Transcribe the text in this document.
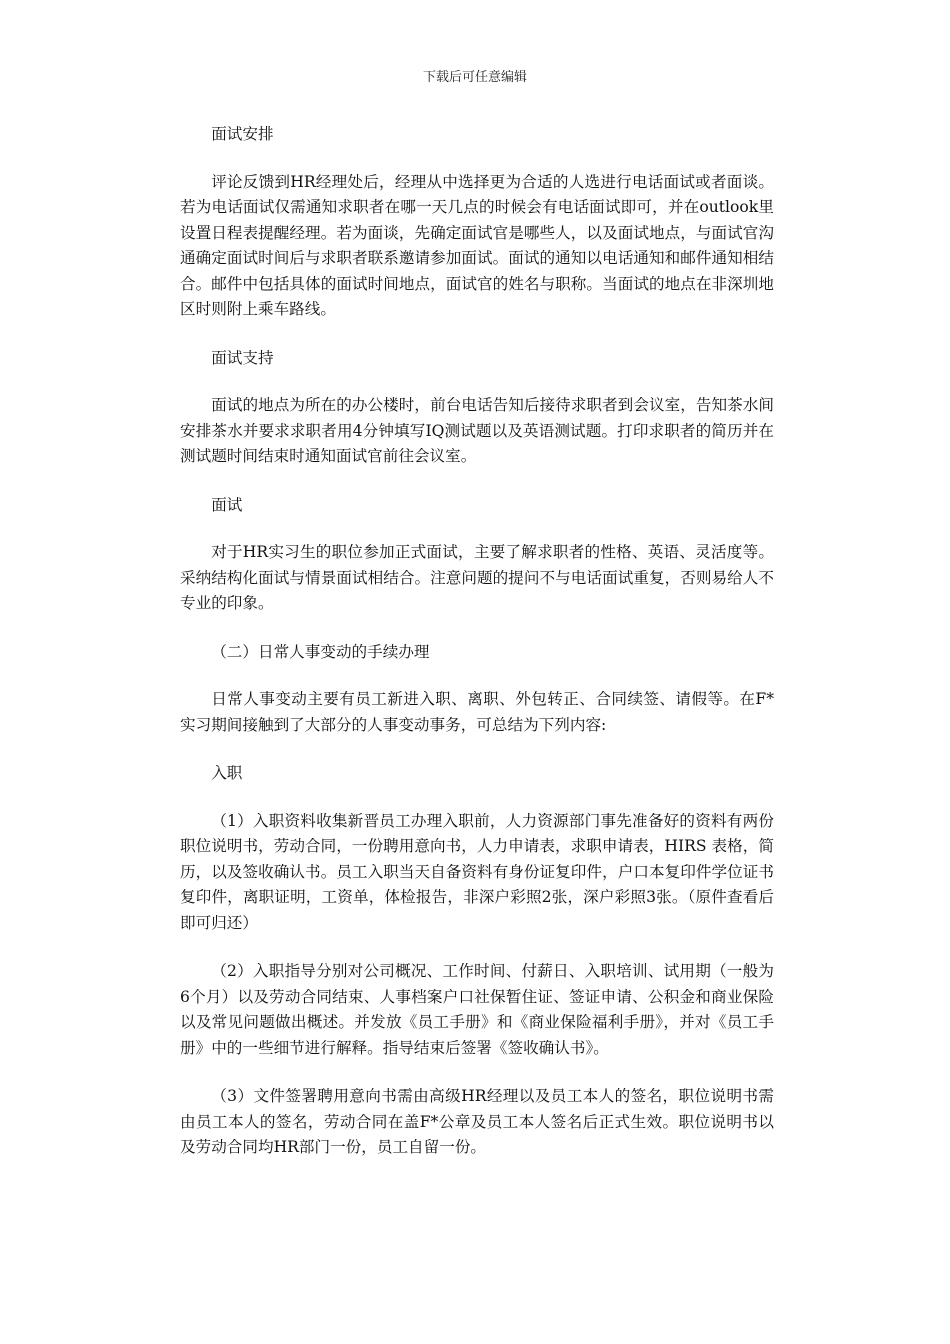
下载后可任意编辑

面试安排

评论反馈到HR经理处后，经理从中选择更为合适的人选进行电话面试或者面谈。若为电话面试仅需通知求职者在哪一天几点的时候会有电话面试即可，并在outlook里设置日程表提醒经理。若为面谈，先确定面试官是哪些人，以及面试地点，与面试官沟通确定面试时间后与求职者联系邀请参加面试。面试的通知以电话通知和邮件通知相结合。邮件中包括具体的面试时间地点，面试官的姓名与职称。当面试的地点在非深圳地区时则附上乘车路线。

面试支持

面试的地点为所在的办公楼时，前台电话告知后接待求职者到会议室，告知茶水间安排茶水并要求求职者用4分钟填写IQ测试题以及英语测试题。打印求职者的简历并在测试题时间结束时通知面试官前往会议室。

面试

对于HR实习生的职位参加正式面试，主要了解求职者的性格、英语、灵活度等。采纳结构化面试与情景面试相结合。注意问题的提问不与电话面试重复，否则易给人不专业的印象。

（二）日常人事变动的手续办理

日常人事变动主要有员工新进入职、离职、外包转正、合同续签、请假等。在F*实习期间接触到了大部分的人事变动事务，可总结为下列内容:

入职

（1）入职资料收集新晋员工办理入职前，人力资源部门事先准备好的资料有两份职位说明书，劳动合同，一份聘用意向书，人力申请表，求职申请表，HIRS 表格，简历，以及签收确认书。员工入职当天自备资料有身份证复印件，户口本复印件学位证书复印件，离职证明，工资单，体检报告，非深户彩照2张，深户彩照3张。（原件查看后即可归还）

（2）入职指导分别对公司概况、工作时间、付薪日、入职培训、试用期（一般为6个月）以及劳动合同结束、人事档案户口社保暂住证、签证申请、公积金和商业保险以及常见问题做出概述。并发放《员工手册》和《商业保险福利手册》，并对《员工手册》中的一些细节进行解释。指导结束后签署《签收确认书》。

（3）文件签署聘用意向书需由高级HR经理以及员工本人的签名，职位说明书需由员工本人的签名，劳动合同在盖F*公章及员工本人签名后正式生效。职位说明书以及劳动合同均HR部门一份，员工自留一份。
